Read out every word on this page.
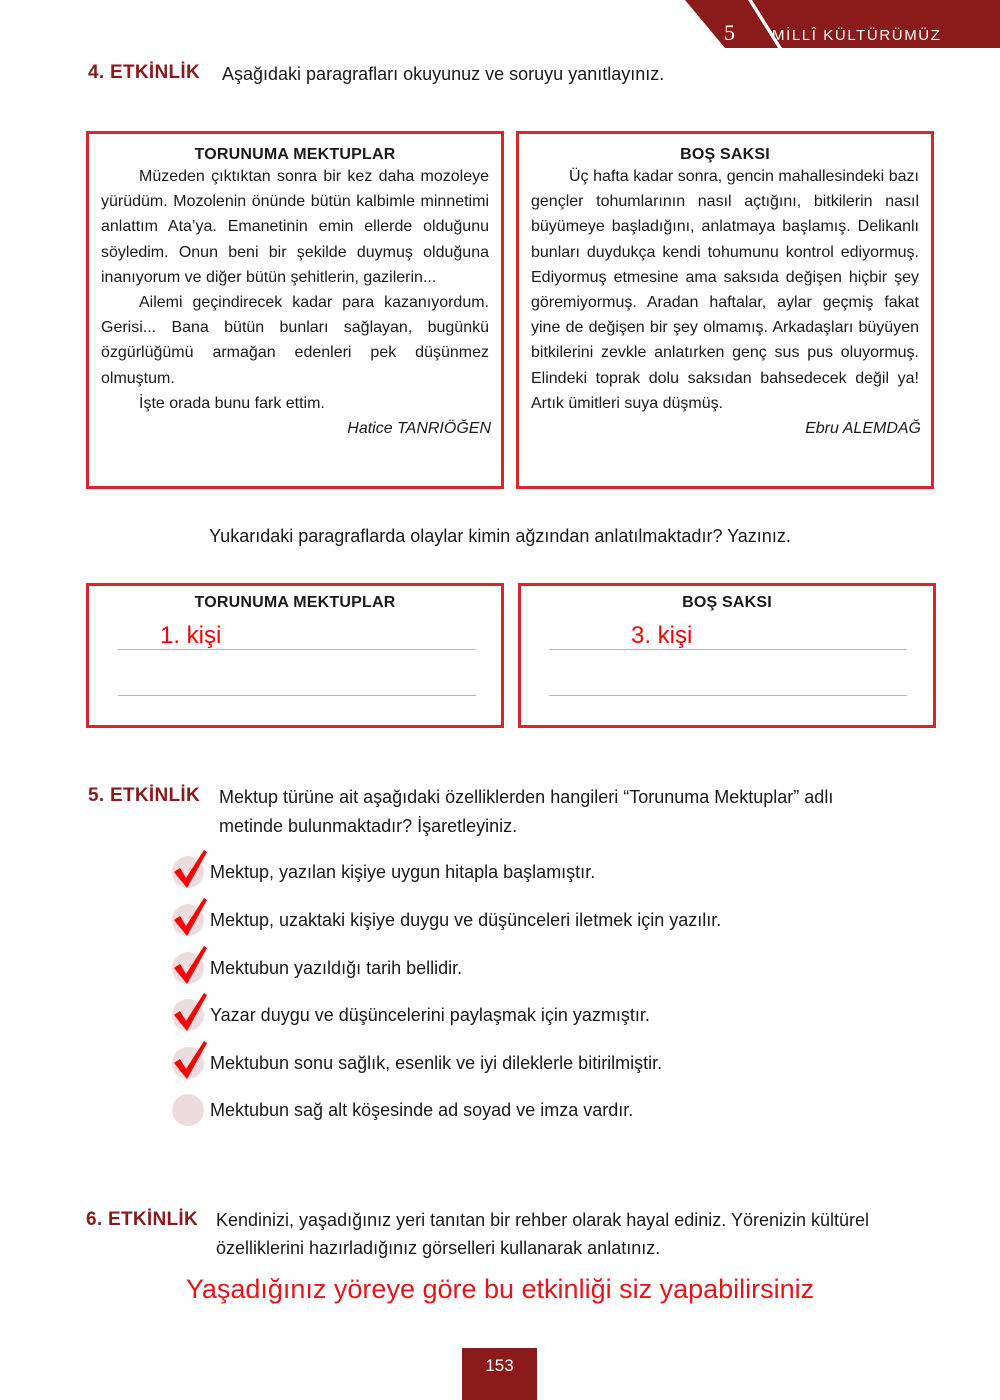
5 MİLLÎ KÜLTÜRÜMÜZ
4. ETKİNLİK Aşağıdaki paragrafları okuyunuz ve soruyu yanıtlayınız.
TORUNUMA MEKTUPLAR
Müzeden çıktıktan sonra bir kez daha mozoleye yürüdüm. Mozolenin önünde bütün kalbimle minnetimi anlattım Ata’ya. Emanetinin emin ellerde olduğunu söyledim. Onun beni bir şekilde duymuş olduğuna inanıyorum ve diğer bütün şehitlerin, gazilerin...
Ailemi geçindirecek kadar para kazanıyordum. Gerisi... Bana bütün bunları sağlayan, bugünkü özgürlüğümü armağan edenleri pek düşünmez olmuştum.
İşte orada bunu fark ettim.
Hatice TANRIÖĞEN
BOŞ SAKSI
Üç hafta kadar sonra, gencin mahallesindeki bazı gençler tohumlarının nasıl açtığını, bitkilerin nasıl büyümeye başladığını, anlatmaya başlamış. Delikanlı bunları duydukça kendi tohumunu kontrol ediyormuş. Ediyormuş etmesine ama saksıda değişen hiçbir şey göremiyormuş. Aradan haftalar, aylar geçmiş fakat yine de değişen bir şey olmamış. Arkadaşları büyüyen bitkilerini zevkle anlatırken genç sus pus oluyormuş. Elindeki toprak dolu saksıdan bahsedecek değil ya! Artık ümitleri suya düşmüş.
Ebru ALEMDAĞ
Yukarıdaki paragraflarda olaylar kimin ağzından anlatılmaktadır? Yazınız.
TORUNUMA MEKTUPLAR
1. kişi
BOŞ SAKSI
3. kişi
5. ETKİNLİK Mektup türüne ait aşağıdaki özelliklerden hangileri “Torunuma Mektuplar” adlı
metinde bulunmaktadır? İşaretleyiniz.
Mektup, yazılan kişiye uygun hitapla başlamıştır.
Mektup, uzaktaki kişiye duygu ve düşünceleri iletmek için yazılır.
Mektubun yazıldığı tarih bellidir.
Yazar duygu ve düşüncelerini paylaşmak için yazmıştır.
Mektubun sonu sağlık, esenlik ve iyi dileklerle bitirilmiştir.
Mektubun sağ alt köşesinde ad soyad ve imza vardır.
6. ETKİNLİK Kendinizi, yaşadığınız yeri tanıtan bir rehber olarak hayal ediniz. Yörenizin kültürel
özelliklerini hazırladığınız görselleri kullanarak anlatınız.
Yaşadığınız yöreye göre bu etkinliği siz yapabilirsiniz
153
